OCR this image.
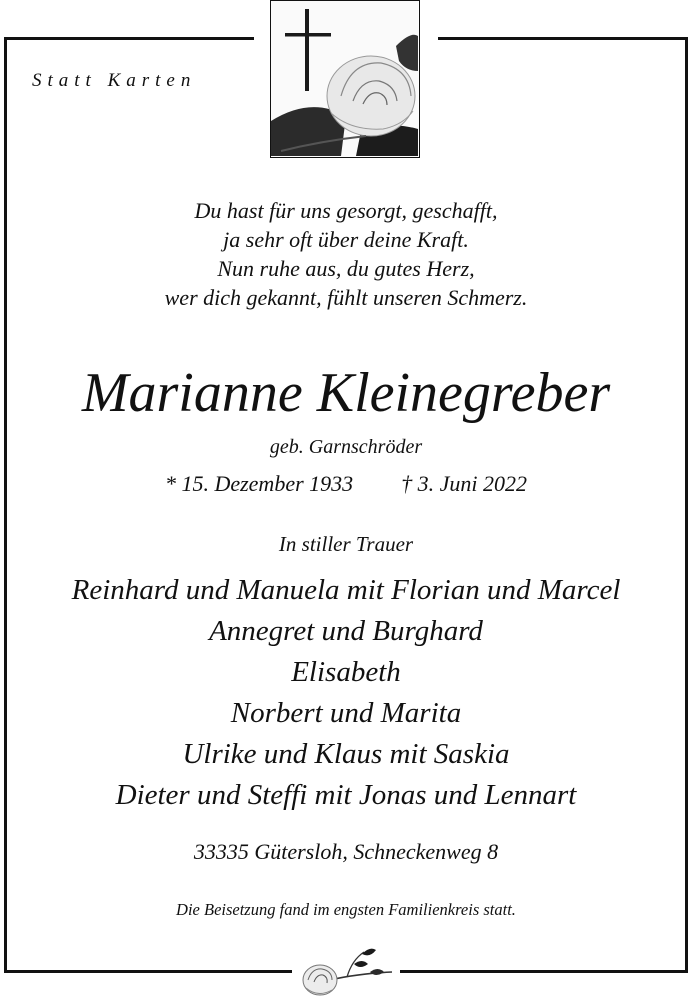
Statt Karten
Du hast für uns gesorgt, geschafft,
ja sehr oft über deine Kraft.
Nun ruhe aus, du gutes Herz,
wer dich gekannt, fühlt unseren Schmerz.
Marianne Kleinegreber
geb. Garnschröder
* 15. Dezember 1933 † 3. Juni 2022
In stiller Trauer
Reinhard und Manuela mit Florian und Marcel
Annegret und Burghard
Elisabeth
Norbert und Marita
Ulrike und Klaus mit Saskia
Dieter und Steffi mit Jonas und Lennart
33335 Gütersloh, Schneckenweg 8
Die Beisetzung fand im engsten Familienkreis statt.
